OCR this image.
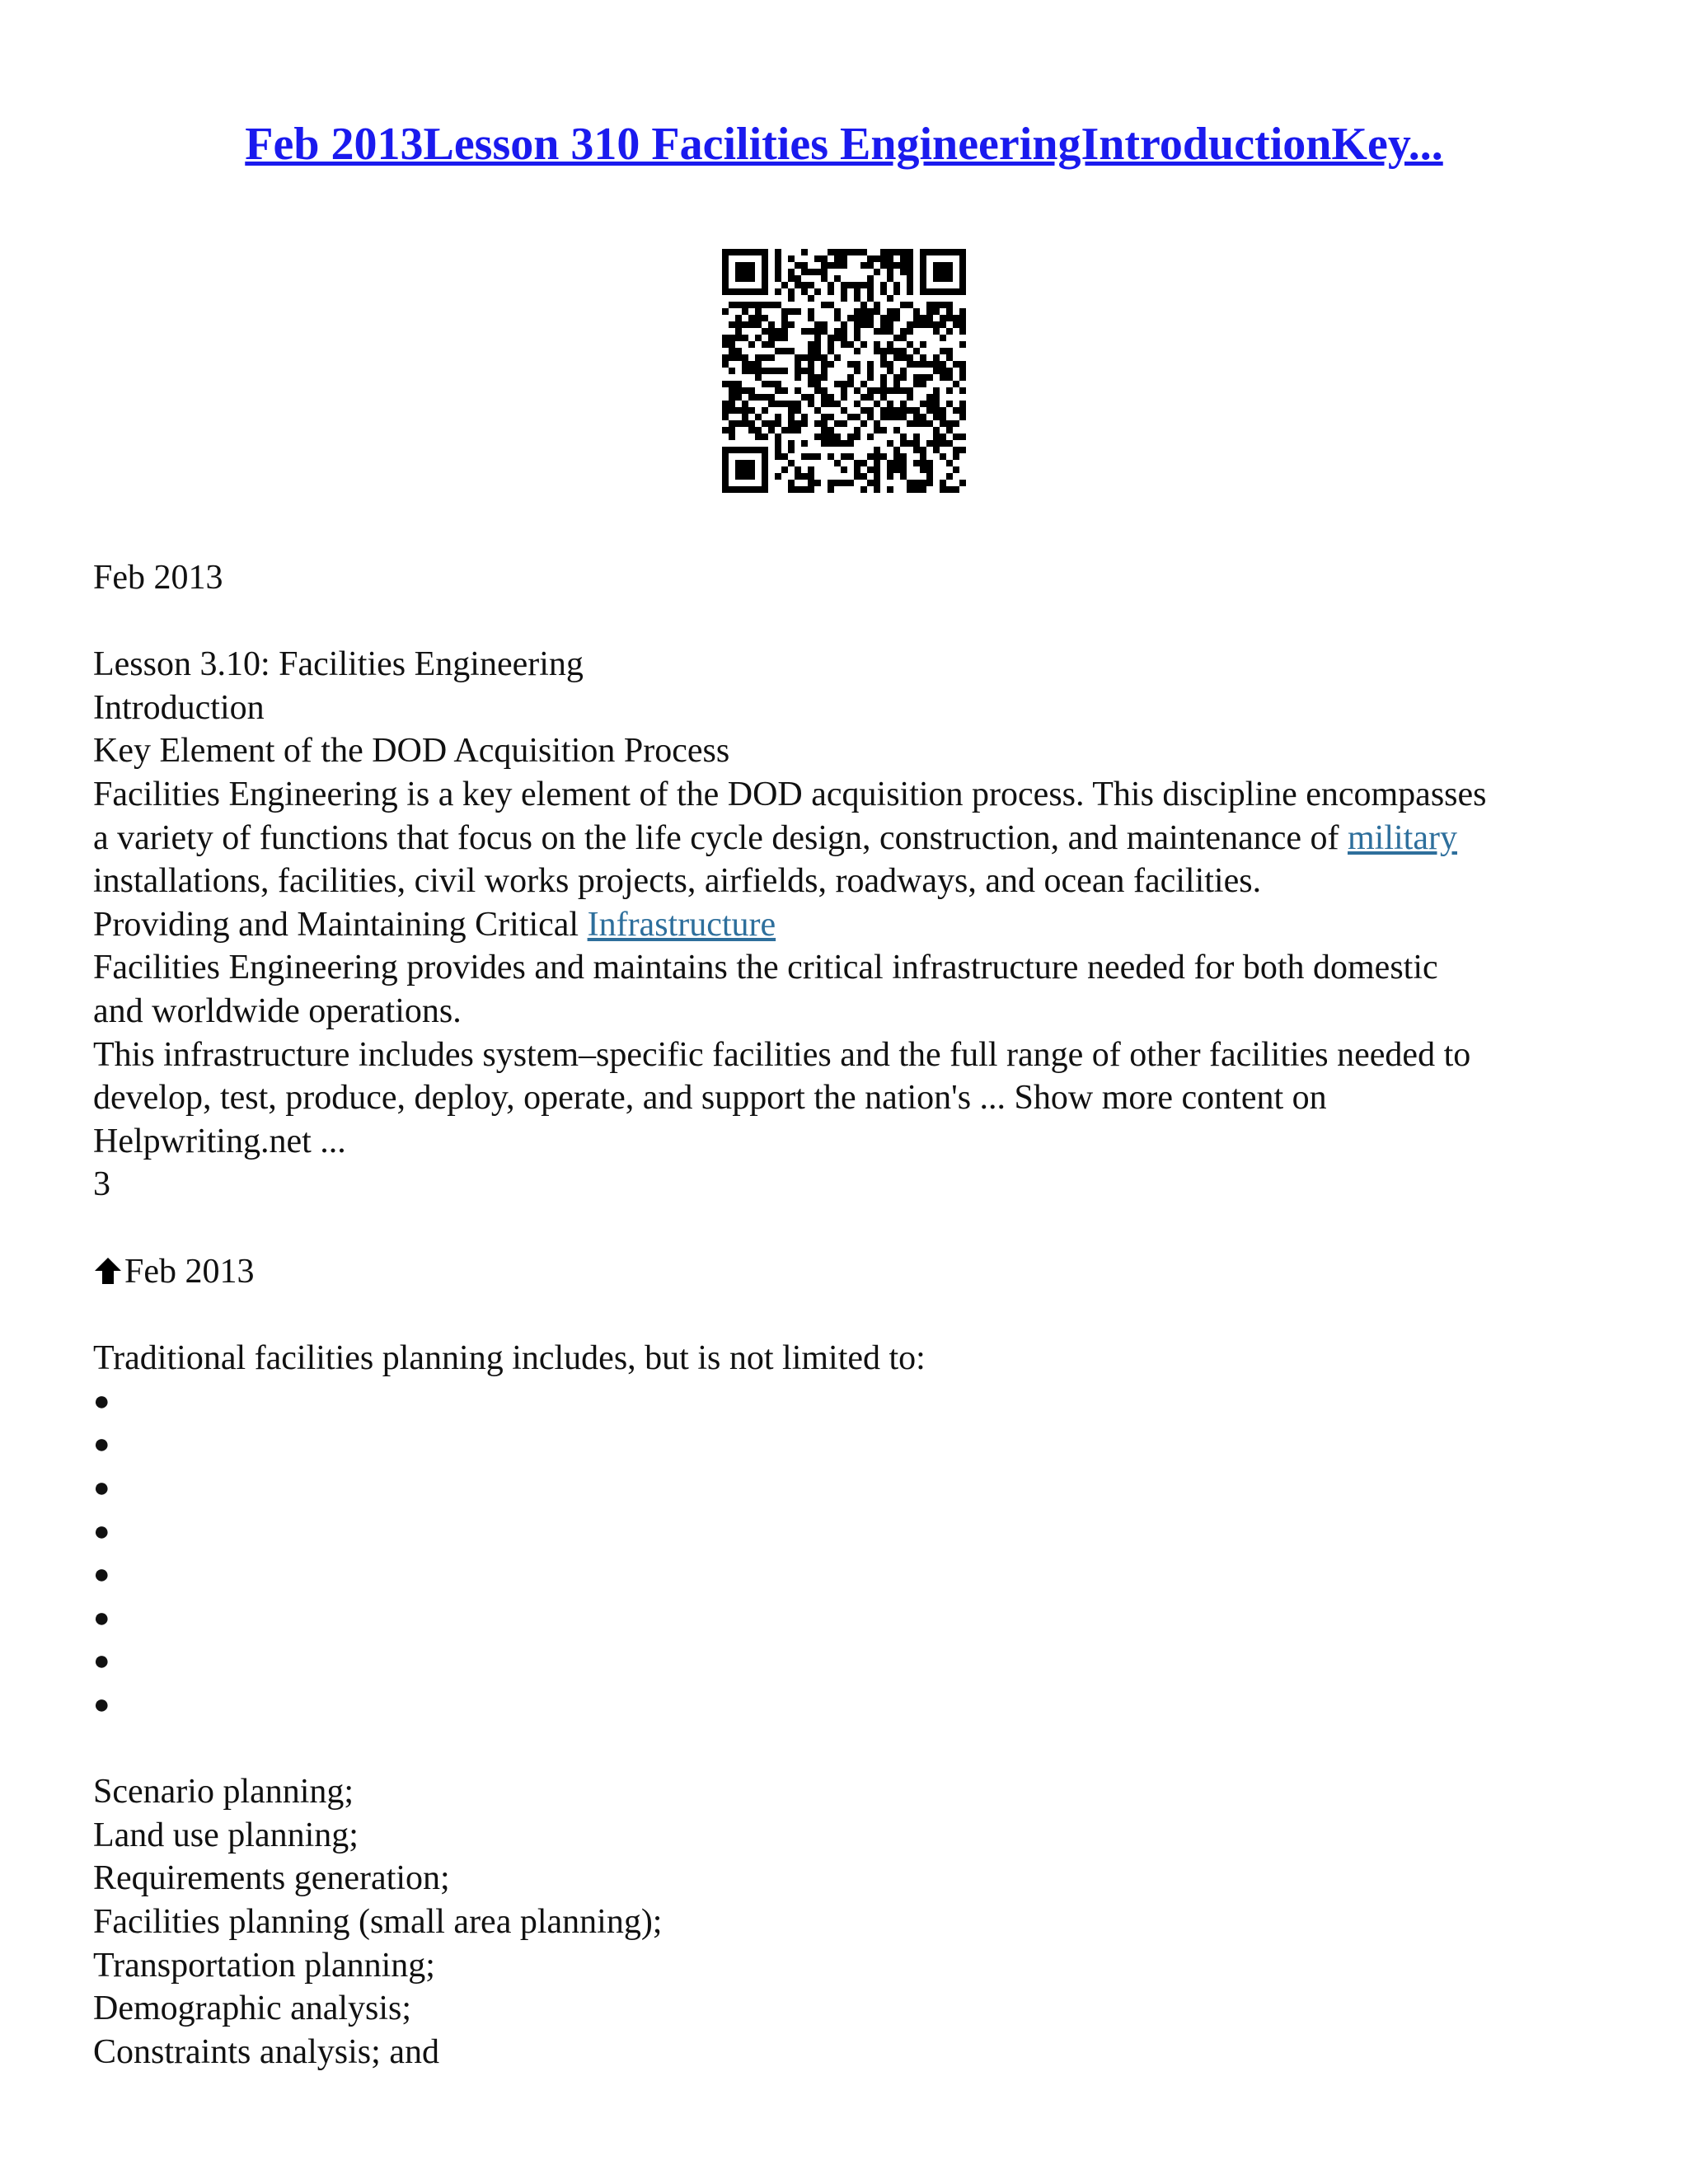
Feb 2013Lesson 310 Facilities EngineeringIntroductionKey...
Feb 2013
Lesson 3.10: Facilities Engineering
Introduction
Key Element of the DOD Acquisition Process
Facilities Engineering is a key element of the DOD acquisition process. This discipline encompasses
a variety of functions that focus on the life cycle design, construction, and maintenance of military
installations, facilities, civil works projects, airfields, roadways, and ocean facilities.
Providing and Maintaining Critical Infrastructure
Facilities Engineering provides and maintains the critical infrastructure needed for both domestic
and worldwide operations.
This infrastructure includes system–specific facilities and the full range of other facilities needed to
develop, test, produce, deploy, operate, and support the nation's ... Show more content on
Helpwriting.net ...
3
Feb 2013
Traditional facilities planning includes, but is not limited to:
●
●
●
●
●
●
●
●
Scenario planning;
Land use planning;
Requirements generation;
Facilities planning (small area planning);
Transportation planning;
Demographic analysis;
Constraints analysis; and
